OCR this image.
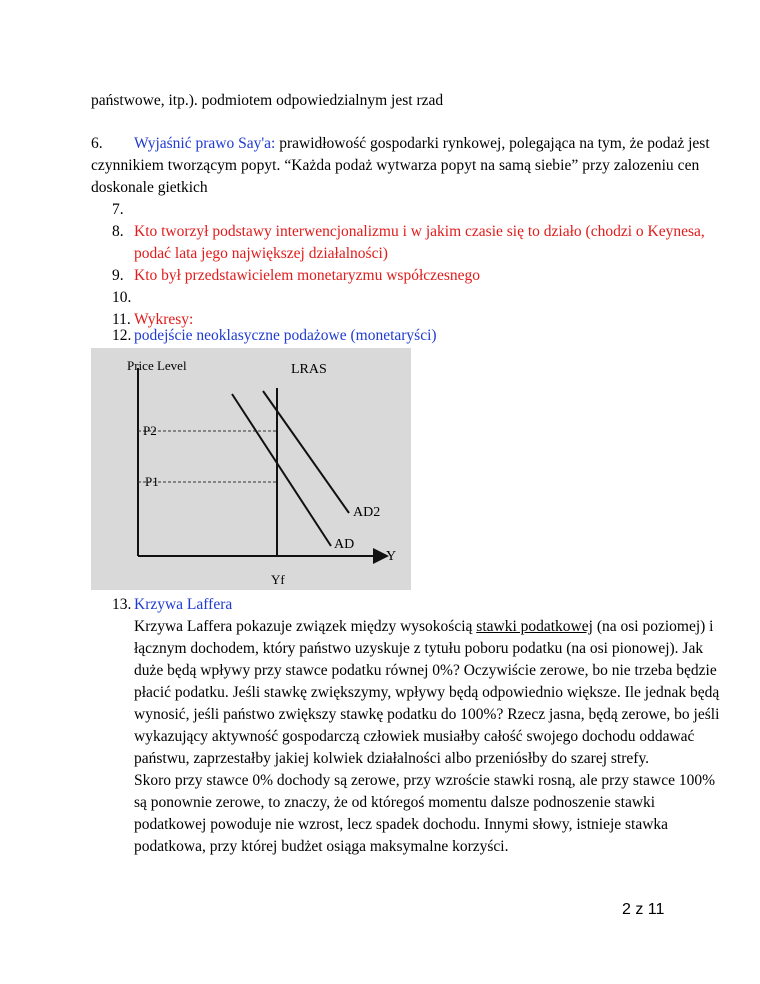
państwowe, itp.). podmiotem odpowiedzialnym jest rzad
6. Wyjaśnić prawo Say'a: prawidłowość gospodarki rynkowej, polegająca na tym, że podaż jest
czynnikiem tworzącym popyt. “Każda podaż wytwarza popyt na samą siebie” przy zalozeniu cen
doskonale gietkich
7.
8. Kto tworzył podstawy interwencjonalizmu i w jakim czasie się to działo (chodzi o Keynesa,
podać lata jego największej działalności)
9. Kto był przedstawicielem monetaryzmu współczesnego
10.
11. Wykresy:
12. podejście neoklasyczne podażowe (monetaryści)
Price Level	LRAS
P2
P1
AD2
AD
Y
Yf
13. Krzywa Laffera
Krzywa Laffera pokazuje związek między wysokością stawki podatkowej (na osi poziomej) i
łącznym dochodem, który państwo uzyskuje z tytułu poboru podatku (na osi pionowej). Jak
duże będą wpływy przy stawce podatku równej 0%? Oczywiście zerowe, bo nie trzeba będzie
płacić podatku. Jeśli stawkę zwiększymy, wpływy będą odpowiednio większe. Ile jednak będą
wynosić, jeśli państwo zwiększy stawkę podatku do 100%? Rzecz jasna, będą zerowe, bo jeśli
wykazujący aktywność gospodarczą człowiek musiałby całość swojego dochodu oddawać
państwu, zaprzestałby jakiej kolwiek działalności albo przeniósłby do szarej strefy.
Skoro przy stawce 0% dochody są zerowe, przy wzroście stawki rosną, ale przy stawce 100%
są ponownie zerowe, to znaczy, że od któregoś momentu dalsze podnoszenie stawki
podatkowej powoduje nie wzrost, lecz spadek dochodu. Innymi słowy, istnieje stawka
podatkowa, przy której budżet osiąga maksymalne korzyści.
2 z 11
